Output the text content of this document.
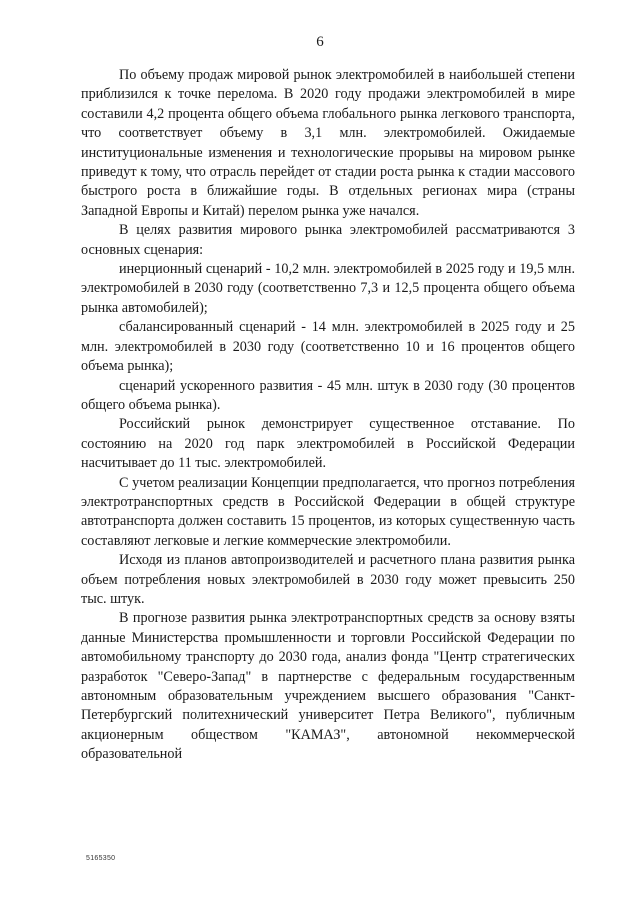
6

По объему продаж мировой рынок электромобилей в наибольшей степени приблизился к точке перелома. В 2020 году продажи электромобилей в мире составили 4,2 процента общего объема глобального рынка легкового транспорта, что соответствует объему в 3,1 млн. электромобилей. Ожидаемые институциональные изменения и технологические прорывы на мировом рынке приведут к тому, что отрасль перейдет от стадии роста рынка к стадии массового быстрого роста в ближайшие годы. В отдельных регионах мира (страны Западной Европы и Китай) перелом рынка уже начался.

В целях развития мирового рынка электромобилей рассматриваются 3 основных сценария:

инерционный сценарий - 10,2 млн. электромобилей в 2025 году и 19,5 млн. электромобилей в 2030 году (соответственно 7,3 и 12,5 процента общего объема рынка автомобилей);

сбалансированный сценарий - 14 млн. электромобилей в 2025 году и 25 млн. электромобилей в 2030 году (соответственно 10 и 16 процентов общего объема рынка);

сценарий ускоренного развития - 45 млн. штук в 2030 году (30 процентов общего объема рынка).

Российский рынок демонстрирует существенное отставание. По состоянию на 2020 год парк электромобилей в Российской Федерации насчитывает до 11 тыс. электромобилей.

С учетом реализации Концепции предполагается, что прогноз потребления электротранспортных средств в Российской Федерации в общей структуре автотранспорта должен составить 15 процентов, из которых существенную часть составляют легковые и легкие коммерческие электромобили.

Исходя из планов автопроизводителей и расчетного плана развития рынка объем потребления новых электромобилей в 2030 году может превысить 250 тыс. штук.

В прогнозе развития рынка электротранспортных средств за основу взяты данные Министерства промышленности и торговли Российской Федерации по автомобильному транспорту до 2030 года, анализ фонда "Центр стратегических разработок "Северо-Запад" в партнерстве с федеральным государственным автономным образовательным учреждением высшего образования "Санкт-Петербургский политехнический университет Петра Великого", публичным акционерным обществом "КАМАЗ", автономной некоммерческой образовательной

5165350
